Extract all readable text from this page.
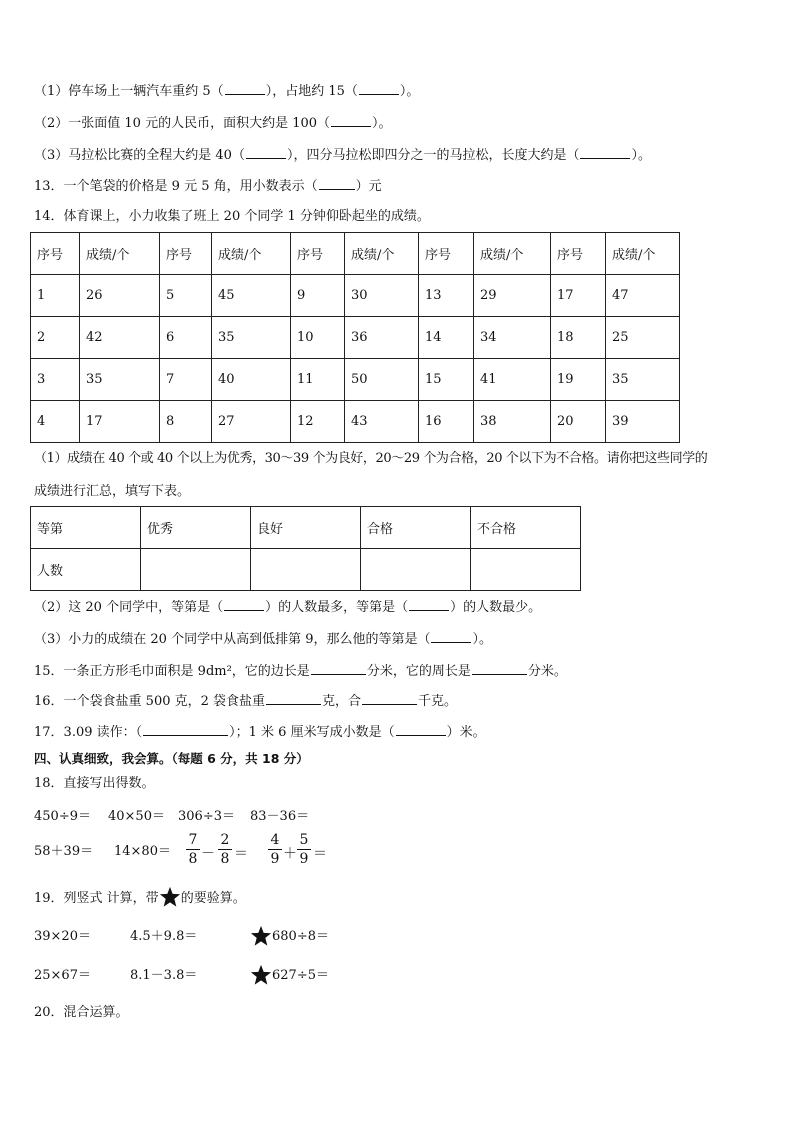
（1）停车场上一辆汽车重约 5（	），占地约 15（	）。
（2）一张面值 10 元的人民币，面积大约是 100（	）。
（3）马拉松比赛的全程大约是 40（	），四分马拉松即四分之一的马拉松，长度大约是（	）。
13．一个笔袋的价格是 9 元 5 角，用小数表示（	）元
14．体育课上，小力收集了班上 20 个同学 1 分钟仰卧起坐的成绩。
序号	成绩/个	序号	成绩/个	序号	成绩/个	序号	成绩/个	序号	成绩/个
1	26	5	45	9	30	13	29	17	47
2	42	6	35	10	36	14	34	18	25
3	35	7	40	11	50	15	41	19	35
4	17	8	27	12	43	16	38	20	39
（1）成绩在 40 个或 40 个以上为优秀，30～39 个为良好，20～29 个为合格，20 个以下为不合格。请你把这些同学的
成绩进行汇总，填写下表。
等第	优秀	良好	合格	不合格
人数				
（2）这 20 个同学中，等第是（	）的人数最多，等第是（	）的人数最少。
（3）小力的成绩在 20 个同学中从高到低排第 9，那么他的等第是（	）。
15．一条正方形毛巾面积是 9dm²，它的边长是	分米，它的周长是	分米。
16．一个袋食盐重 500 克，2 袋食盐重	克，合	千克。
17．3.09 读作：（	）；1 米 6 厘米写成小数是（	）米。
四、认真细致，我会算。（每题 6 分，共 18 分）
18．直接写出得数。
450÷9＝ 40×50＝ 306÷3＝ 83－36＝
58＋39＝ 14×80＝
7
8 －
2
8 ＝
4
9 ＋
5
9 ＝
19．列竖式 计算，带 的要验算。
39×20＝	4.5＋9.8＝	680÷8＝
25×67＝	8.1－3.8＝	627÷5＝
20．混合运算。
